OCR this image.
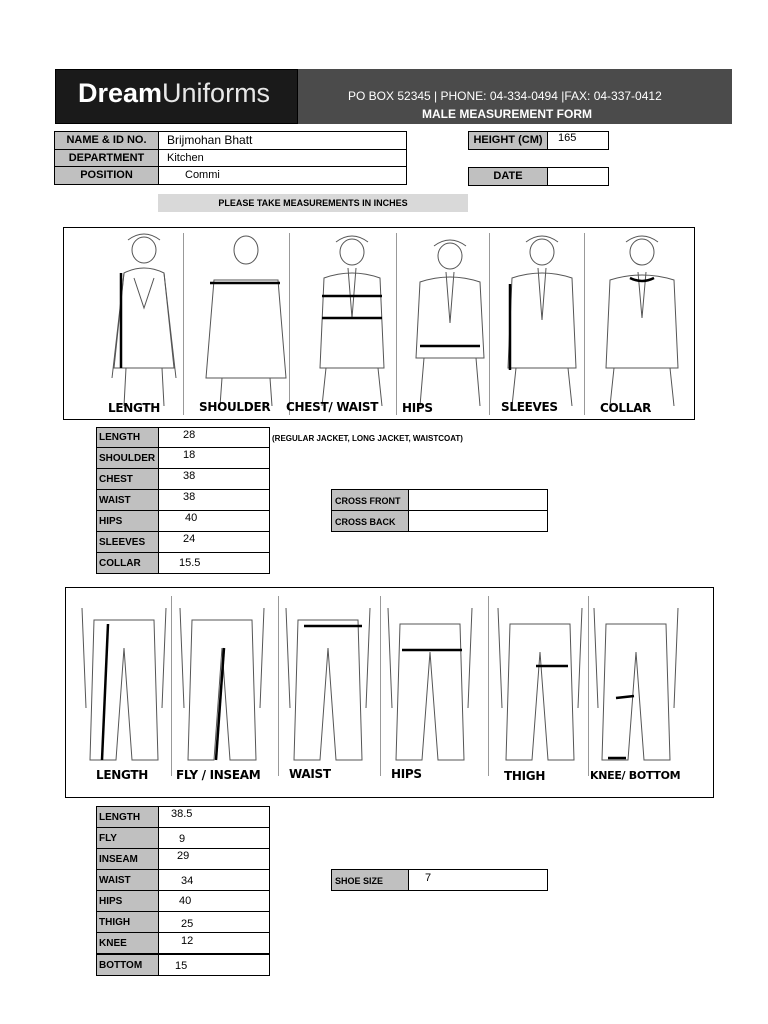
DreamUniforms	PO BOX 52345 | PHONE: 04-334-0494 |FAX: 04-337-0412
MALE MEASUREMENT FORM
NAME & ID NO.	Brijmohan Bhatt
DEPARTMENT	Kitchen
POSITION	Commi
HEIGHT (CM)	165
DATE
PLEASE TAKE MEASUREMENTS IN INCHES
LENGTH	SHOULDER CHEST/ WAIST HIPS	SLEEVES	COLLAR
LENGTH	28
SHOULDER	18
CHEST	38
WAIST	38
HIPS	40
SLEEVES	24
COLLAR	15.5
(REGULAR JACKET, LONG JACKET, WAISTCOAT)
CROSS FRONT
CROSS BACK
LENGTH FLY / INSEAM WAIST	HIPS	THIGH	KNEE/ BOTTOM
LENGTH	38.5
FLY	9
INSEAM	29
WAIST	34
HIPS	40
THIGH	25
KNEE	12
BOTTOM	15
SHOE SIZE	7
